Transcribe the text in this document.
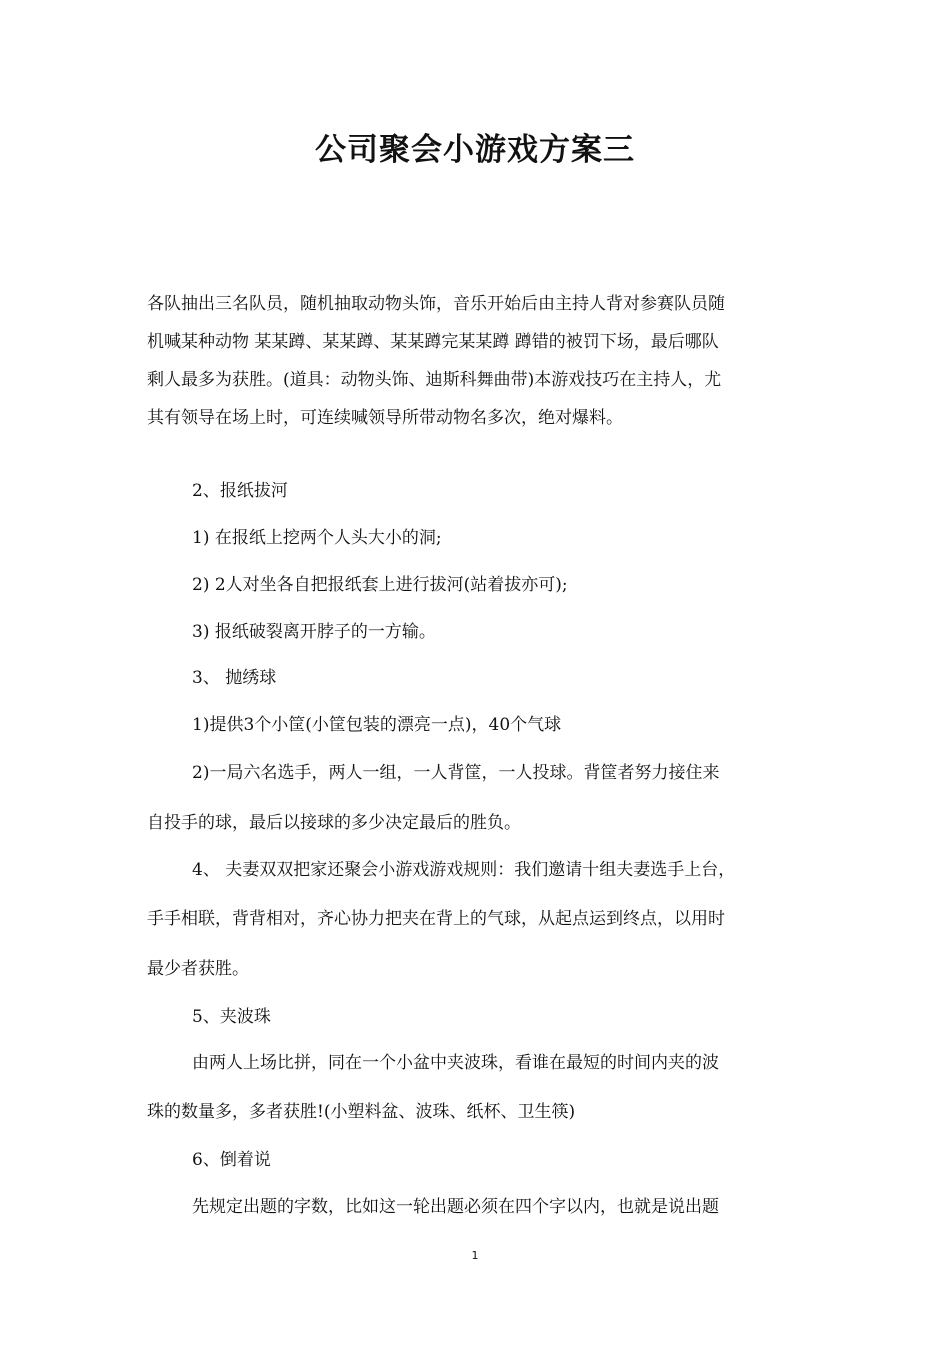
公司聚会小游戏方案三
各队抽出三名队员，随机抽取动物头饰，音乐开始后由主持人背对参赛队员随
机喊某种动物 某某蹲、某某蹲、某某蹲完某某蹲 蹲错的被罚下场，最后哪队
剩人最多为获胜。(道具：动物头饰、迪斯科舞曲带)本游戏技巧在主持人，尤
其有领导在场上时，可连续喊领导所带动物名多次，绝对爆料。
2、报纸拔河
1) 在报纸上挖两个人头大小的洞;
2) 2人对坐各自把报纸套上进行拔河(站着拔亦可);
3) 报纸破裂离开脖子的一方输。
3、 抛绣球
1)提供3个小筐(小筐包装的漂亮一点)，40个气球
2)一局六名选手，两人一组，一人背筐，一人投球。背筐者努力接住来
自投手的球，最后以接球的多少决定最后的胜负。
4、 夫妻双双把家还聚会小游戏游戏规则：我们邀请十组夫妻选手上台，
手手相联，背背相对，齐心协力把夹在背上的气球，从起点运到终点，以用时
最少者获胜。
5、夹波珠
由两人上场比拼，同在一个小盆中夹波珠，看谁在最短的时间内夹的波
珠的数量多，多者获胜!(小塑料盆、波珠、纸杯、卫生筷)
6、倒着说
先规定出题的字数，比如这一轮出题必须在四个字以内，也就是说出题
1
